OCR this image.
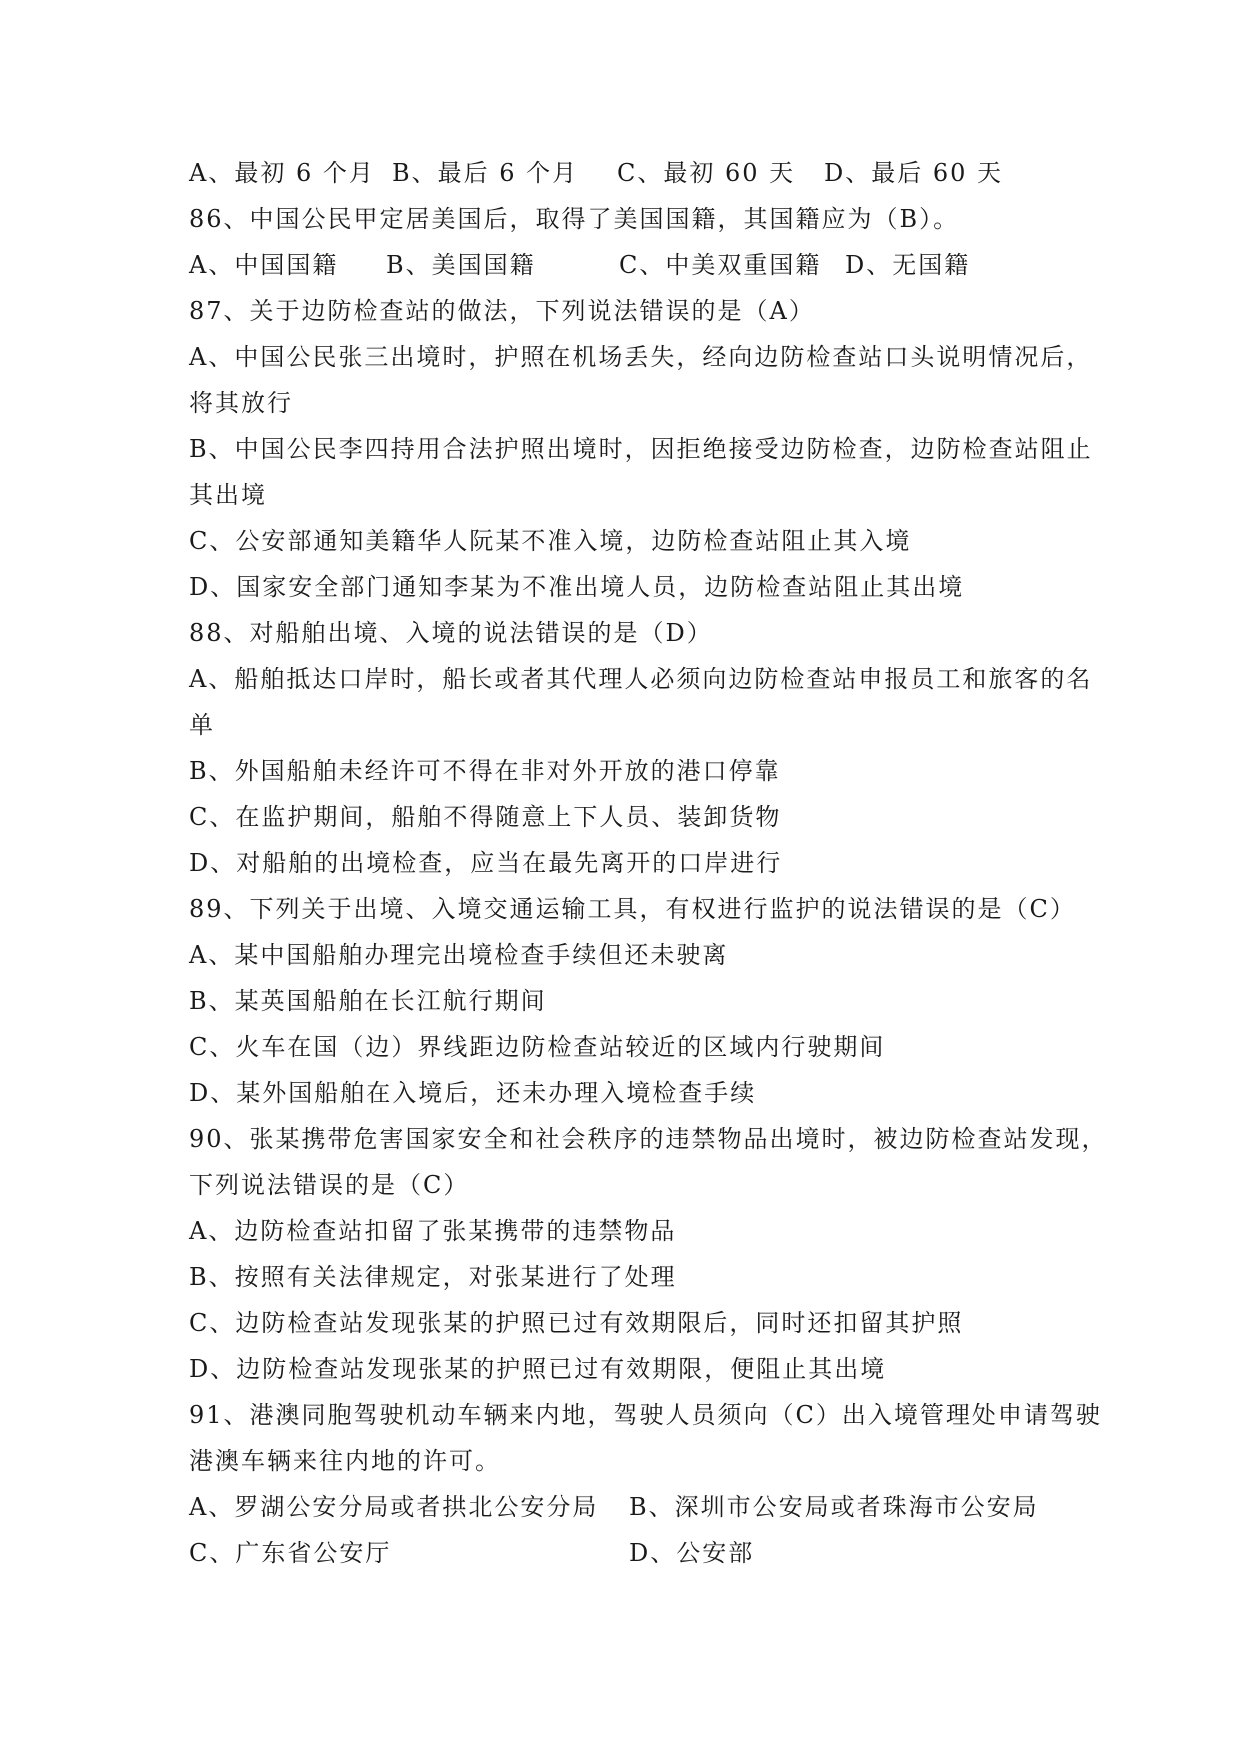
A、最初 6 个月 B、最后 6 个月 C、最初 60 天 D、最后 60 天
86、中国公民甲定居美国后，取得了美国国籍，其国籍应为（B）。
A、中国国籍 B、美国国籍	C、中美双重国籍 D、无国籍
87、关于边防检查站的做法，下列说法错误的是（A）
A、中国公民张三出境时，护照在机场丢失，经向边防检查站口头说明情况后，
将其放行
B、中国公民李四持用合法护照出境时，因拒绝接受边防检查，边防检查站阻止
其出境
C、公安部通知美籍华人阮某不准入境，边防检查站阻止其入境
D、国家安全部门通知李某为不准出境人员，边防检查站阻止其出境
88、对船舶出境、入境的说法错误的是（D）
A、船舶抵达口岸时，船长或者其代理人必须向边防检查站申报员工和旅客的名
单
B、外国船舶未经许可不得在非对外开放的港口停靠
C、在监护期间，船舶不得随意上下人员、装卸货物
D、对船舶的出境检查，应当在最先离开的口岸进行
89、下列关于出境、入境交通运输工具，有权进行监护的说法错误的是（C）
A、某中国船舶办理完出境检查手续但还未驶离
B、某英国船舶在长江航行期间
C、火车在国（边）界线距边防检查站较近的区域内行驶期间
D、某外国船舶在入境后，还未办理入境检查手续
90、张某携带危害国家安全和社会秩序的违禁物品出境时，被边防检查站发现，
下列说法错误的是（C）
A、边防检查站扣留了张某携带的违禁物品
B、按照有关法律规定，对张某进行了处理
C、边防检查站发现张某的护照已过有效期限后，同时还扣留其护照
D、边防检查站发现张某的护照已过有效期限，便阻止其出境
91、港澳同胞驾驶机动车辆来内地，驾驶人员须向（C）出入境管理处申请驾驶
港澳车辆来往内地的许可。
A、罗湖公安分局或者拱北公安分局 B、深圳市公安局或者珠海市公安局
C、广东省公安厅	D、公安部
